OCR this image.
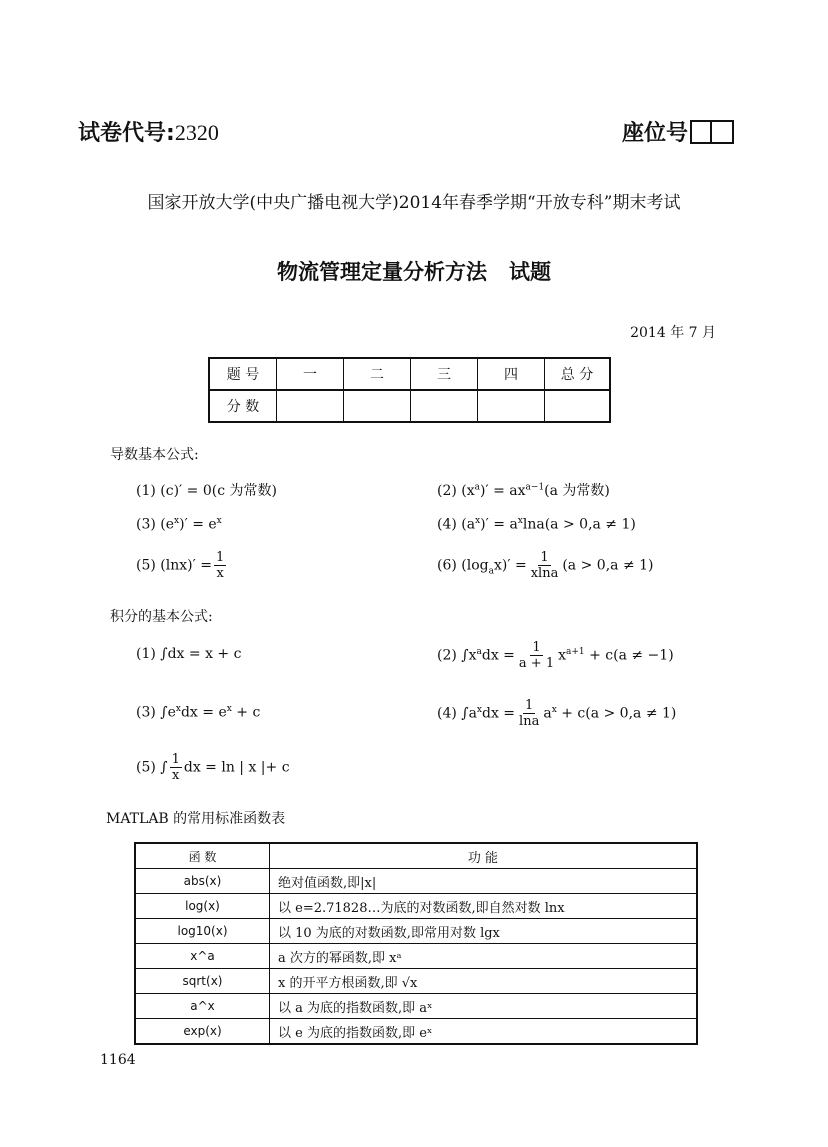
试卷代号:2320	座位号
国家开放大学(中央广播电视大学)2014年春季学期“开放专科”期末考试
物流管理定量分析方法   试题
2014 年 7 月
题 号	一	二	三	四	总 分
分 数					
导数基本公式:
(1) (c)′ = 0(c 为常数)	(2) $(x^a)' = ax^{a-1}(a$ 为常数)
(3) $(e^x)' = e^x$	(4) $(a^x)' = a^x\ln a(a > 0,a \ne 1)$
(5) $(\ln x)' = \frac{1}{x}$	(6) $(\log_ax)' = \frac{1}{xlna} (a > 0,a \ne 1)$
积分的基本公式:
(1) ∫dx = x + c	(2) $\int x^adx = \frac{1}{a + 1} x^{a+1} + c(a \ne -1)$
(3) $\int e^xdx = e^x + c$	(4) $\int a^xdx = \frac{1}{\ln a} a^x + c(a > 0,a \ne 1)$
(5) ∫ $\frac{1}{x}$ dx = ln | x |+ c
MATLAB 的常用标准函数表
函 数	功 能
abs(x)	绝对值函数,即|x|
log(x)	以 e=2.71828…为底的对数函数,即自然对数 lnx
log10(x)	以 10 为底的对数函数,即常用对数 lgx
x^a	a 次方的幂函数,即 xᵃ
sqrt(x)	x 的开平方根函数,即 √x
a^x	以 a 为底的指数函数,即 aˣ
exp(x)	以 e 为底的指数函数,即 eˣ
1164
